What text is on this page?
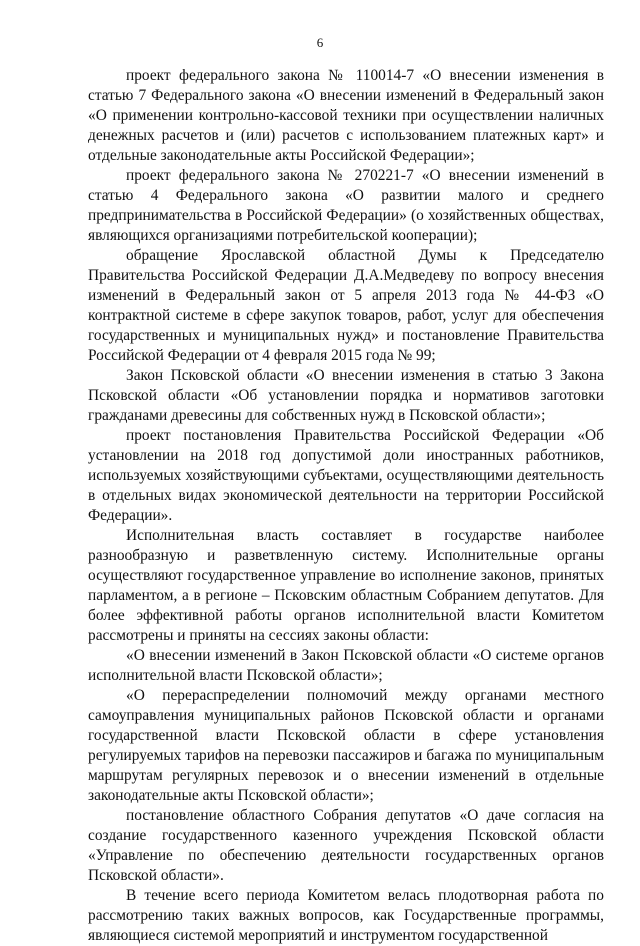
6

проект федерального закона № 110014-7 «О внесении изменения в статью 7 Федерального закона «О внесении изменений в Федеральный закон «О применении контрольно-кассовой техники при осуществлении наличных денежных расчетов и (или) расчетов с использованием платежных карт» и отдельные законодательные акты Российской Федерации»;

проект федерального закона № 270221-7 «О внесении изменений в статью 4 Федерального закона «О развитии малого и среднего предпринимательства в Российской Федерации» (о хозяйственных обществах, являющихся организациями потребительской кооперации);

обращение Ярославской областной Думы к Председателю Правительства Российской Федерации Д.А.Медведеву по вопросу внесения изменений в Федеральный закон от 5 апреля 2013 года № 44-ФЗ «О контрактной системе в сфере закупок товаров, работ, услуг для обеспечения государственных и муниципальных нужд» и постановление Правительства Российской Федерации от 4 февраля 2015 года № 99;

Закон Псковской области «О внесении изменения в статью 3 Закона Псковской области «Об установлении порядка и нормативов заготовки гражданами древесины для собственных нужд в Псковской области»;

проект постановления Правительства Российской Федерации «Об установлении на 2018 год допустимой доли иностранных работников, используемых хозяйствующими субъектами, осуществляющими деятельность в отдельных видах экономической деятельности на территории Российской Федерации».

Исполнительная власть составляет в государстве наиболее разнообразную и разветвленную систему. Исполнительные органы осуществляют государственное управление во исполнение законов, принятых парламентом, а в регионе – Псковским областным Собранием депутатов. Для более эффективной работы органов исполнительной власти Комитетом рассмотрены и приняты на сессиях законы области:

«О внесении изменений в Закон Псковской области «О системе органов исполнительной власти Псковской области»;

«О перераспределении полномочий между органами местного самоуправления муниципальных районов Псковской области и органами государственной власти Псковской области в сфере установления регулируемых тарифов на перевозки пассажиров и багажа по муниципальным маршрутам регулярных перевозок и о внесении изменений в отдельные законодательные акты Псковской области»;

постановление областного Собрания депутатов «О даче согласия на создание государственного казенного учреждения Псковской области «Управление по обеспечению деятельности государственных органов Псковской области».

В течение всего периода Комитетом велась плодотворная работа по рассмотрению таких важных вопросов, как Государственные программы, являющиеся системой мероприятий и инструментом государственной
